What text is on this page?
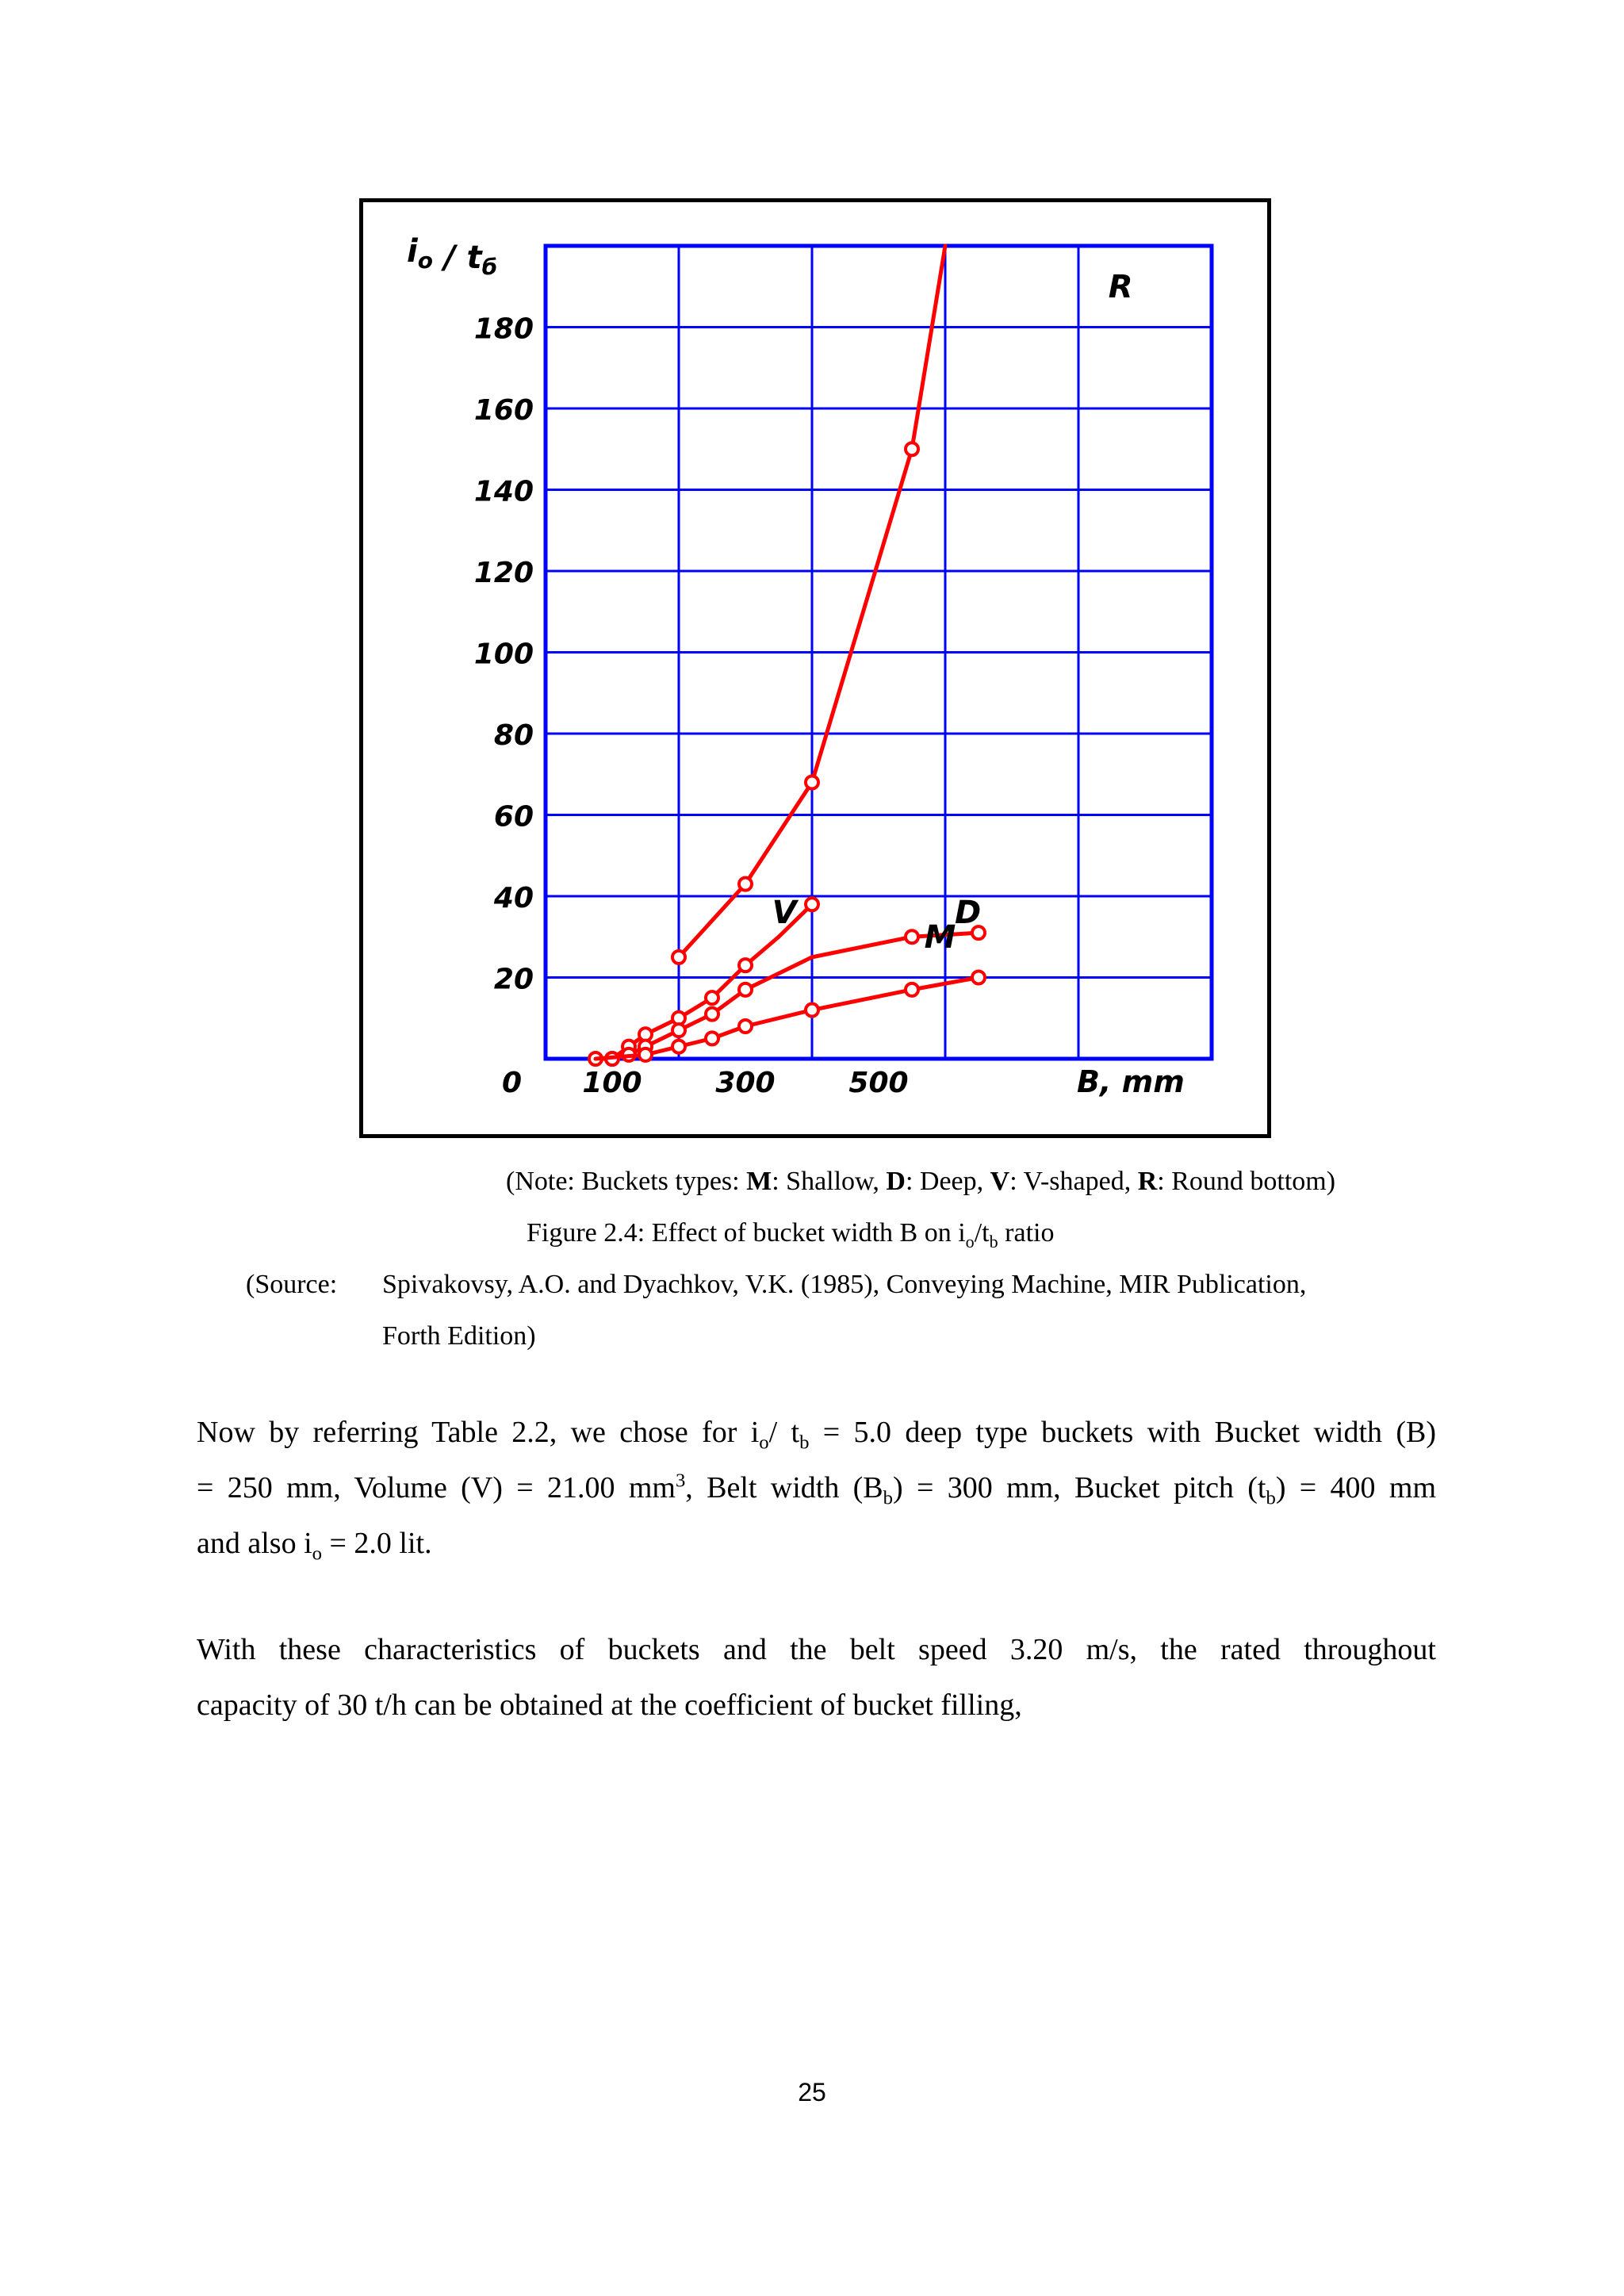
0
20
40
60
80
100
120
140
160
180
100	300	500	B, mm
$i_o / t_б$
R
V	D
M
(Note: Buckets types: M: Shallow, D: Deep, V: V-shaped, R: Round bottom)
Figure 2.4: Effect of bucket width B on $i_o/t_b$ ratio
(Source: Spivakovsy, A.O. and Dyachkov, V.K. (1985), Conveying Machine, MIR Publication,
Forth Edition)
Now by referring Table 2.2, we chose for $i_o/$ $t_b = 5.0$ deep type buckets with Bucket width (B)
= 250 mm, Volume (V) = 21.00 $mm^3$, Belt width $(B_b) = 300$ mm, Bucket pitch $(t_b) = 400$ mm
and also $i_o = 2.0$ lit.
With these characteristics of buckets and the belt speed 3.20 m/s, the rated throughout
capacity of 30 t/h can be obtained at the coefficient of bucket filling,
25
